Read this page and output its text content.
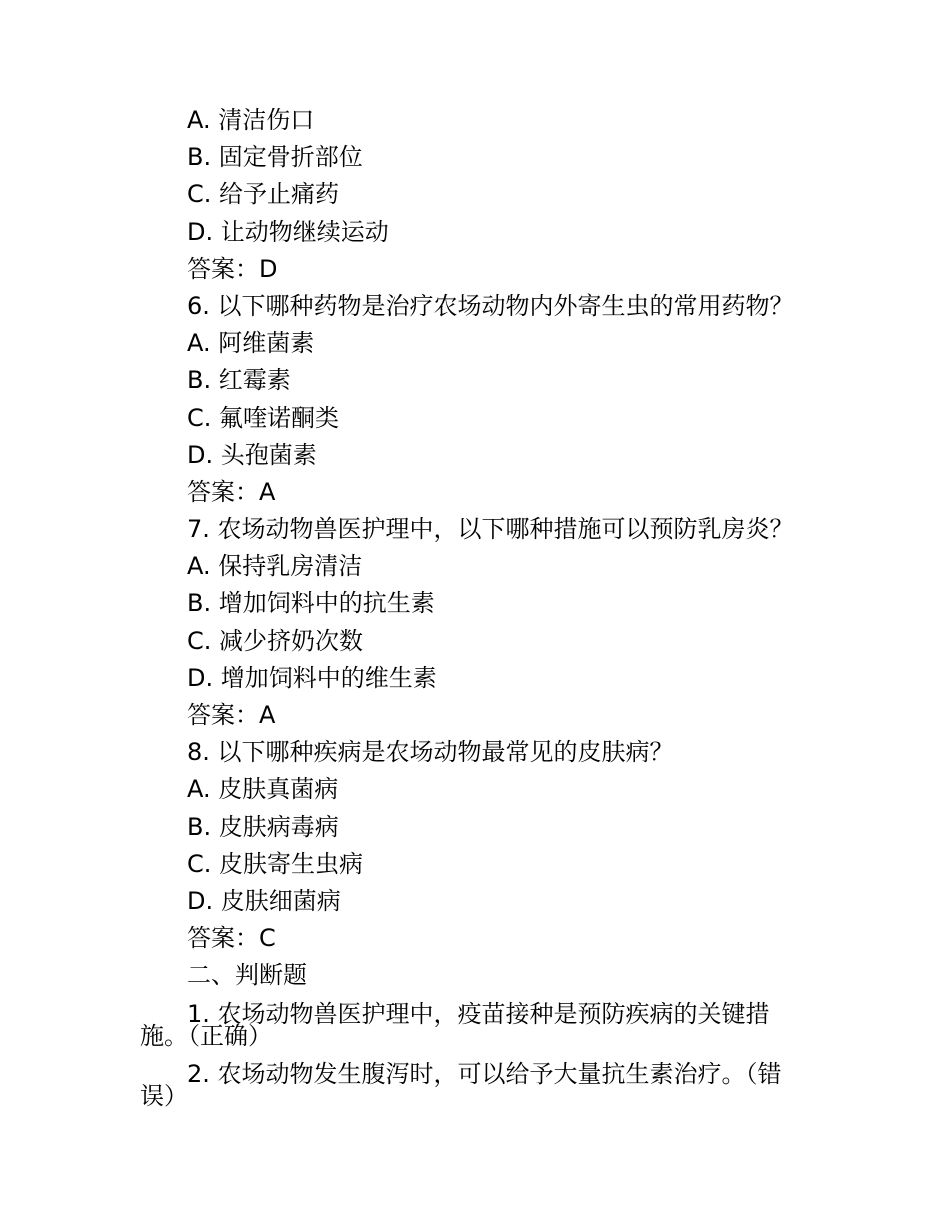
A. 清洁伤口
B. 固定骨折部位
C. 给予止痛药
D. 让动物继续运动
答案：D
6. 以下哪种药物是治疗农场动物内外寄生虫的常用药物？
A. 阿维菌素
B. 红霉素
C. 氟喹诺酮类
D. 头孢菌素
答案：A
7. 农场动物兽医护理中，以下哪种措施可以预防乳房炎？
A. 保持乳房清洁
B. 增加饲料中的抗生素
C. 减少挤奶次数
D. 增加饲料中的维生素
答案：A
8. 以下哪种疾病是农场动物最常见的皮肤病？
A. 皮肤真菌病
B. 皮肤病毒病
C. 皮肤寄生虫病
D. 皮肤细菌病
答案：C
二、判断题
1. 农场动物兽医护理中，疫苗接种是预防疾病的关键措
施。（正确）
2. 农场动物发生腹泻时，可以给予大量抗生素治疗。（错
误）
